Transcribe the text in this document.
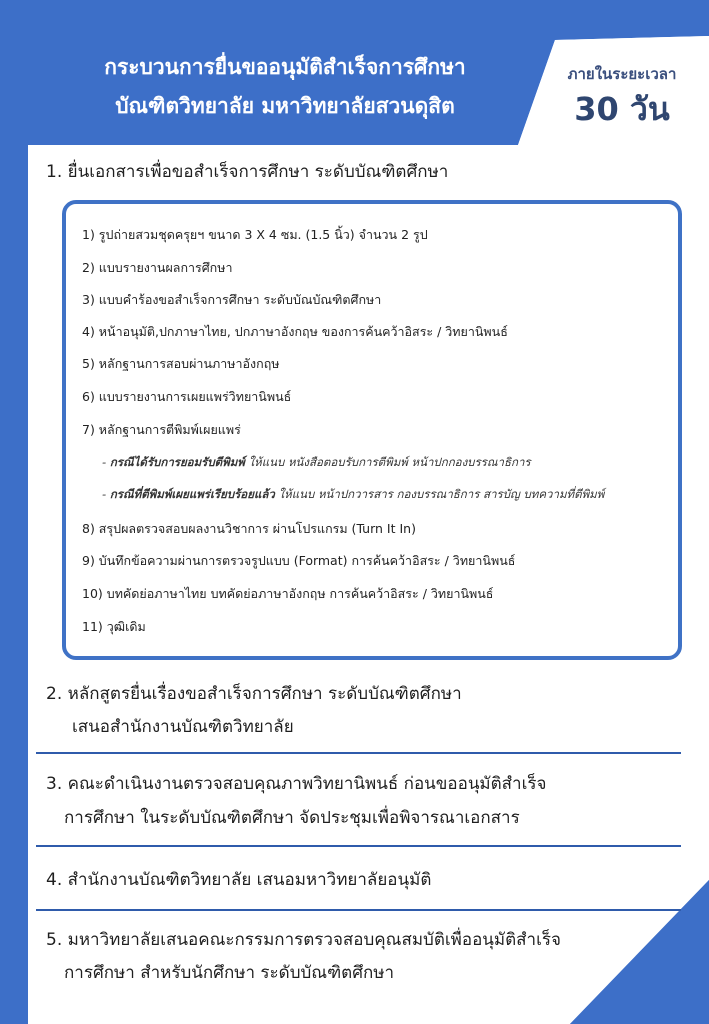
กระบวนการยื่นขออนุมัติสำเร็จการศึกษา
บัณฑิตวิทยาลัย มหาวิทยาลัยสวนดุสิต
ภายในระยะเวลา
30 วัน
1. ยื่นเอกสารเพื่อขอสำเร็จการศึกษา ระดับบัณฑิตศึกษา
1) รูปถ่ายสวมชุดครุยฯ ขนาด 3 X 4 ซม. (1.5 นิ้ว) จำนวน 2 รูป
2) แบบรายงานผลการศึกษา
3) แบบคำร้องขอสำเร็จการศึกษา ระดับบัณบัณฑิตศึกษา
4) หน้าอนุมัติ,ปกภาษาไทย, ปกภาษาอังกฤษ ของการค้นคว้าอิสระ / วิทยานิพนธ์
5) หลักฐานการสอบผ่านภาษาอังกฤษ
6) แบบรายงานการเผยแพร่วิทยานิพนธ์
7) หลักฐานการตีพิมพ์เผยแพร่
- กรณีได้รับการยอมรับตีพิมพ์ ให้แนบ หนังสือตอบรับการตีพิมพ์ หน้าปกกองบรรณาธิการ
- กรณีที่ตีพิมพ์เผยแพร่เรียบร้อยแล้ว ให้แนบ หน้าปกวารสาร กองบรรณาธิการ สารบัญ บทความที่ตีพิมพ์
8) สรุปผลตรวจสอบผลงานวิชาการ ผ่านโปรแกรม (Turn It In)
9) บันทึกข้อความผ่านการตรวจรูปแบบ (Format) การค้นคว้าอิสระ / วิทยานิพนธ์
10) บทคัดย่อภาษาไทย บทคัดย่อภาษาอังกฤษ การค้นคว้าอิสระ / วิทยานิพนธ์
11) วุฒิเดิม
2. หลักสูตรยื่นเรื่องขอสำเร็จการศึกษา ระดับบัณฑิตศึกษา
เสนอสำนักงานบัณฑิตวิทยาลัย
3. คณะดำเนินงานตรวจสอบคุณภาพวิทยานิพนธ์ ก่อนขออนุมัติสำเร็จ
การศึกษา ในระดับบัณฑิตศึกษา จัดประชุมเพื่อพิจารณาเอกสาร
4. สำนักงานบัณฑิตวิทยาลัย เสนอมหาวิทยาลัยอนุมัติ
5. มหาวิทยาลัยเสนอคณะกรรมการตรวจสอบคุณสมบัติเพื่ออนุมัติสำเร็จ
การศึกษา สำหรับนักศึกษา ระดับบัณฑิตศึกษา
